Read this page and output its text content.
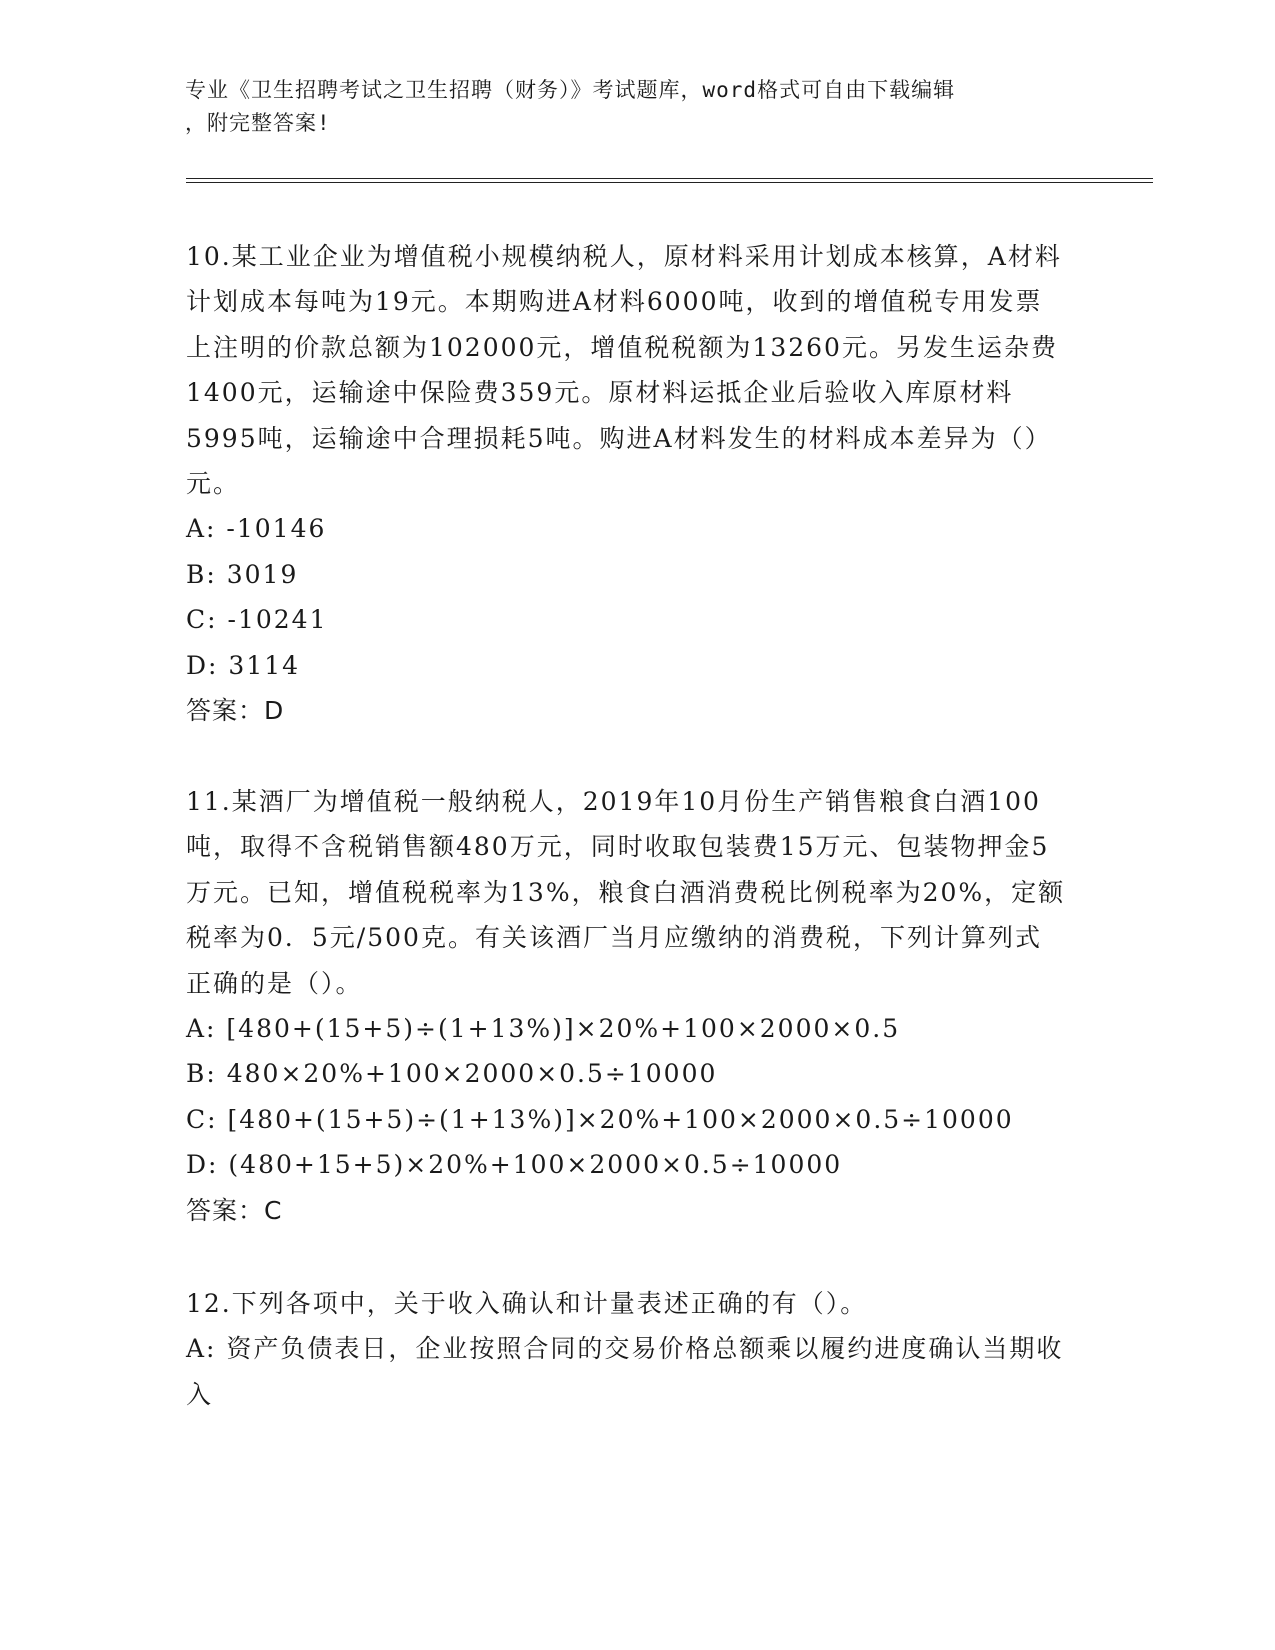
专业《卫生招聘考试之卫生招聘（财务）》考试题库，word格式可自由下载编辑
，附完整答案!

10.某工业企业为增值税小规模纳税人，原材料采用计划成本核算，A材料计划成本每吨为19元。本期购进A材料6000吨，收到的增值税专用发票上注明的价款总额为102000元，增值税税额为13260元。另发生运杂费1400元，运输途中保险费359元。原材料运抵企业后验收入库原材料5995吨，运输途中合理损耗5吨。购进A材料发生的材料成本差异为（）元。

A: -10146

B: 3019

C: -10241

D: 3114

答案：D

11.某酒厂为增值税一般纳税人，2019年10月份生产销售粮食白酒100吨，取得不含税销售额480万元，同时收取包装费15万元、包装物押金5万元。已知，增值税税率为13%，粮食白酒消费税比例税率为20%，定额税率为0．5元/500克。有关该酒厂当月应缴纳的消费税，下列计算列式正确的是（）。

A: [480+(15+5)÷(1+13%)]×20%+100×2000×0.5

B: 480×20%+100×2000×0.5÷10000

C: [480+(15+5)÷(1+13%)]×20%+100×2000×0.5÷10000

D: (480+15+5)×20%+100×2000×0.5÷10000

答案：C

12.下列各项中，关于收入确认和计量表述正确的有（）。

A: 资产负债表日，企业按照合同的交易价格总额乘以履约进度确认当期收入
